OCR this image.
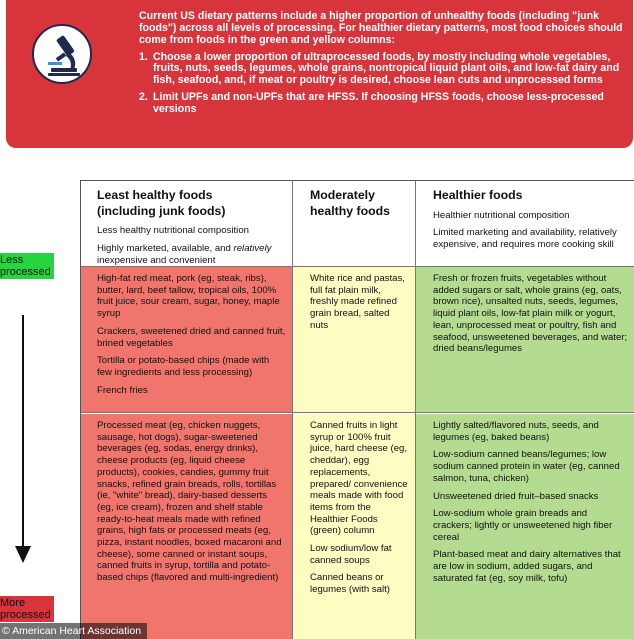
Current US dietary patterns include a higher proportion of unhealthy foods (including "junk foods") across all levels of processing. For healthier dietary patterns, most food choices should come from foods in the green and yellow columns:

1. Choose a lower proportion of ultraprocessed foods, by mostly including whole vegetables, fruits, nuts, seeds, legumes, whole grains, nontropical liquid plant oils, and low-fat dairy and fish, seafood, and, if meat or poultry is desired, choose lean cuts and unprocessed forms
2. Limit UPFs and non-UPFs that are HFSS. If choosing HFSS foods, choose less-processed versions
Less
processed
More
processed
Least healthy foods
(including junk foods)
Less healthy nutritional composition
Highly marketed, available, and relatively inexpensive and convenient

High-fat red meat, pork (eg, steak, ribs), butter, lard, beef tallow, tropical oils, 100% fruit juice, sour cream, sugar, honey, maple syrup

Crackers, sweetened dried and canned fruit, brined vegetables

Tortilla or potato-based chips (made with few ingredients and less processing)

French fries

Processed meat (eg, chicken nuggets, sausage, hot dogs), sugar-sweetened beverages (eg, sodas, energy drinks), cheese products (eg, liquid cheese products), cookies, candies, gummy fruit snacks, refined grain breads, rolls, tortillas (ie, "white" bread), dairy-based desserts (eg, ice cream), frozen and shelf stable ready-to-heat meals made with refined grains, high fats or processed meats (eg, pizza, instant noodles, boxed macaroni and cheese), some canned or instant soups, canned fruits in syrup, tortilla and potato-based chips (flavored and multi-ingredient)

Moderately
healthy foods

White rice and pastas, full fat plain milk, freshly made refined grain bread, salted nuts

Canned fruits in light syrup or 100% fruit juice, hard cheese (eg, cheddar), egg replacements, prepared/ convenience meals made with food items from the Healthier Foods (green) column

Low sodium/low fat canned soups

Canned beans or legumes (with salt)

Healthier foods
Healthier nutritional composition
Limited marketing and availability, relatively expensive, and requires more cooking skill

Fresh or frozen fruits, vegetables without added sugars or salt, whole grains (eg, oats, brown rice), unsalted nuts, seeds, legumes, liquid plant oils, low-fat plain milk or yogurt, lean, unprocessed meat or poultry, fish and seafood, unsweetened beverages, and water; dried beans/legumes

Lightly salted/flavored nuts, seeds, and legumes (eg, baked beans)

Low-sodium canned beans/legumes; low sodium canned protein in water (eg, canned salmon, tuna, chicken)

Unsweetened dried fruit–based snacks

Low-sodium whole grain breads and crackers; lightly or unsweetened high fiber cereal

Plant-based meat and dairy alternatives that are low in sodium, added sugars, and saturated fat (eg, soy milk, tofu)

© American Heart Association
